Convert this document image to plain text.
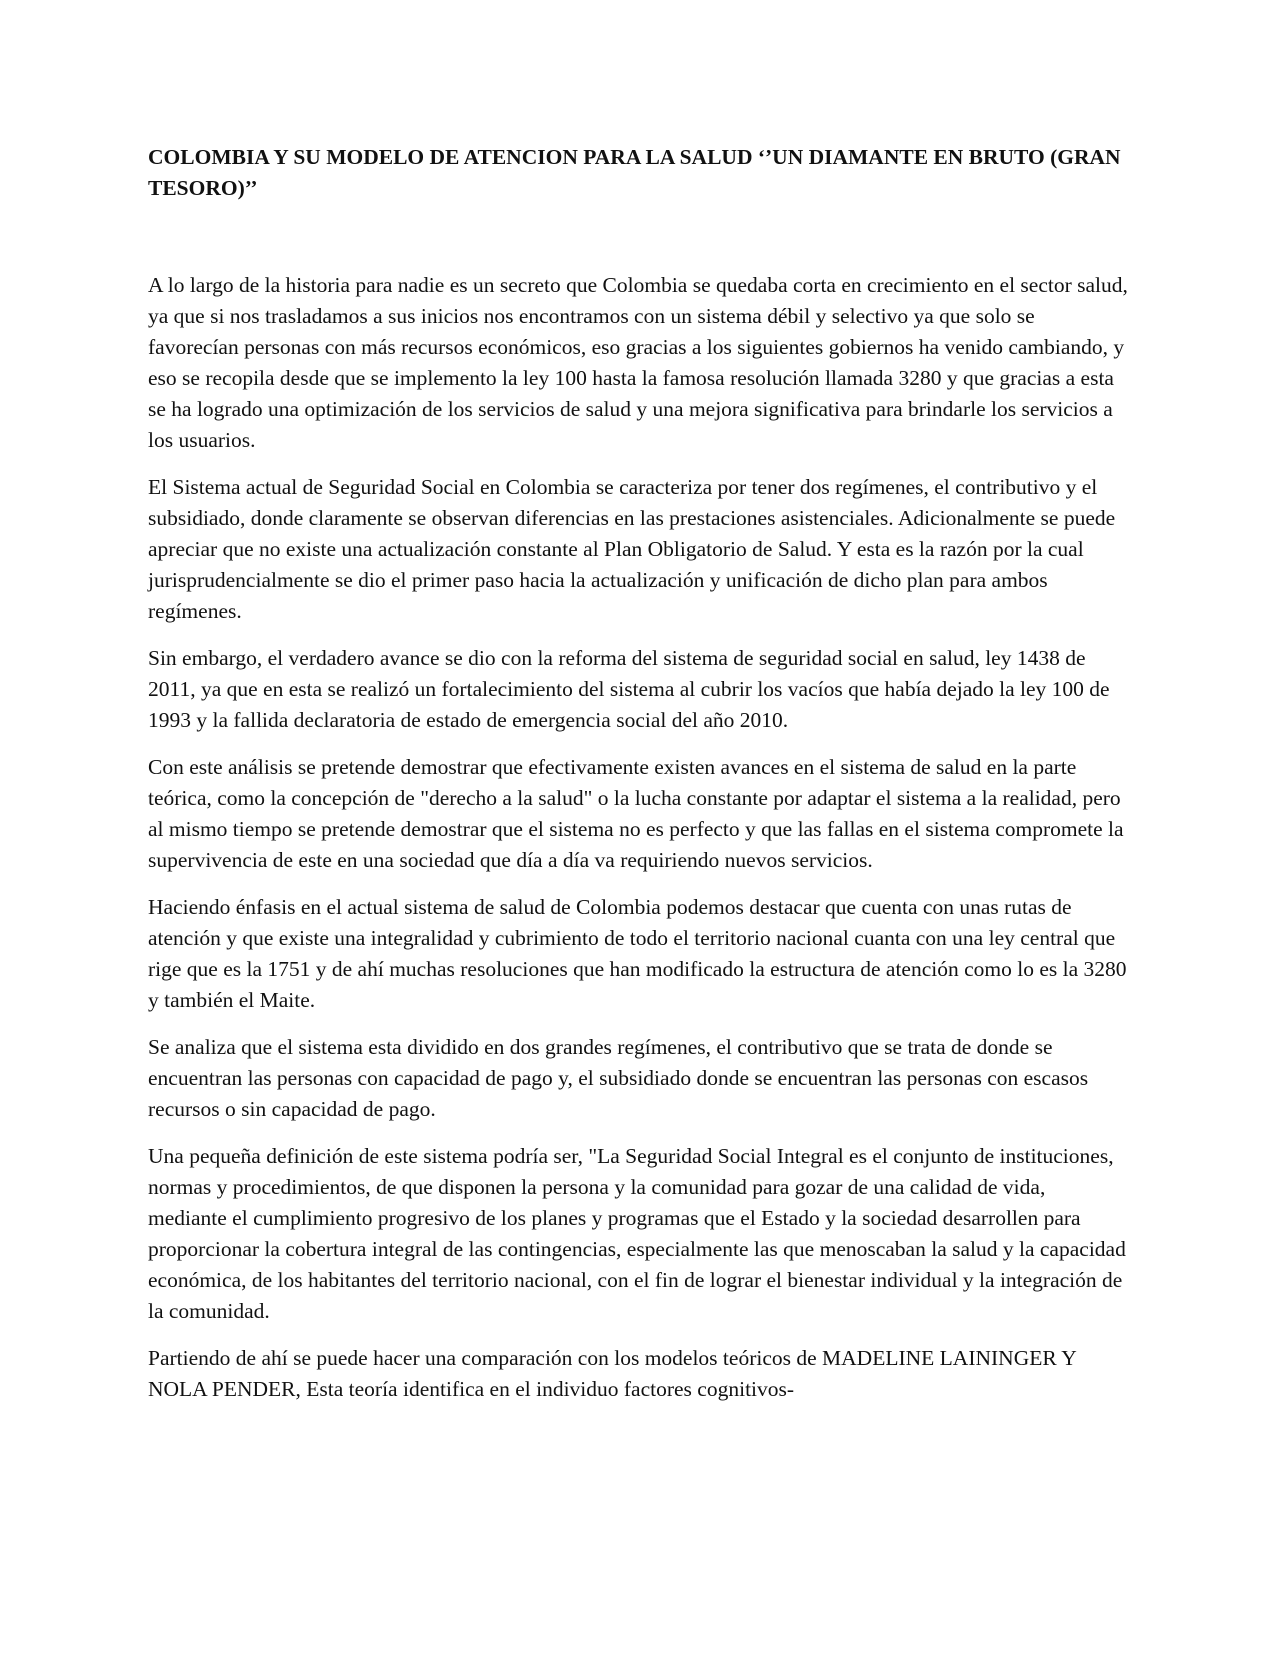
COLOMBIA Y SU MODELO DE ATENCION PARA LA SALUD ‘’UN DIAMANTE EN BRUTO (GRAN TESORO)’’

A lo largo de la historia para nadie es un secreto que Colombia se quedaba corta en crecimiento en el sector salud, ya que si nos trasladamos a sus inicios nos encontramos con un sistema débil y selectivo ya que solo se favorecían personas con más recursos económicos, eso gracias a los siguientes gobiernos ha venido cambiando, y eso se recopila desde que se implemento la ley 100 hasta la famosa resolución llamada 3280 y que gracias a esta se ha logrado una optimización de los servicios de salud y una mejora significativa para brindarle los servicios a los usuarios.

El Sistema actual de Seguridad Social en Colombia se caracteriza por tener dos regímenes, el contributivo y el subsidiado, donde claramente se observan diferencias en las prestaciones asistenciales. Adicionalmente se puede apreciar que no existe una actualización constante al Plan Obligatorio de Salud. Y esta es la razón por la cual jurisprudencialmente se dio el primer paso hacia la actualización y unificación de dicho plan para ambos regímenes.

Sin embargo, el verdadero avance se dio con la reforma del sistema de seguridad social en salud, ley 1438 de 2011, ya que en esta se realizó un fortalecimiento del sistema al cubrir los vacíos que había dejado la ley 100 de 1993 y la fallida declaratoria de estado de emergencia social del año 2010.

Con este análisis se pretende demostrar que efectivamente existen avances en el sistema de salud en la parte teórica, como la concepción de "derecho a la salud" o la lucha constante por adaptar el sistema a la realidad, pero al mismo tiempo se pretende demostrar que el sistema no es perfecto y que las fallas en el sistema compromete la supervivencia de este en una sociedad que día a día va requiriendo nuevos servicios.

Haciendo énfasis en el actual sistema de salud de Colombia podemos destacar que cuenta con unas rutas de atención y que existe una integralidad y cubrimiento de todo el territorio nacional cuanta con una ley central que rige que es la 1751 y de ahí muchas resoluciones que han modificado la estructura de atención como lo es la 3280 y también el Maite.

Se analiza que el sistema esta dividido en dos grandes regímenes, el contributivo que se trata de donde se encuentran las personas con capacidad de pago y, el subsidiado donde se encuentran las personas con escasos recursos o sin capacidad de pago.

Una pequeña definición de este sistema podría ser, "La Seguridad Social Integral es el conjunto de instituciones, normas y procedimientos, de que disponen la persona y la comunidad para gozar de una calidad de vida, mediante el cumplimiento progresivo de los planes y programas que el Estado y la sociedad desarrollen para proporcionar la cobertura integral de las contingencias, especialmente las que menoscaban la salud y la capacidad económica, de los habitantes del territorio nacional, con el fin de lograr el bienestar individual y la integración de la comunidad.

Partiendo de ahí se puede hacer una comparación con los modelos teóricos de MADELINE LAININGER Y NOLA PENDER, Esta teoría identifica en el individuo factores cognitivos-
